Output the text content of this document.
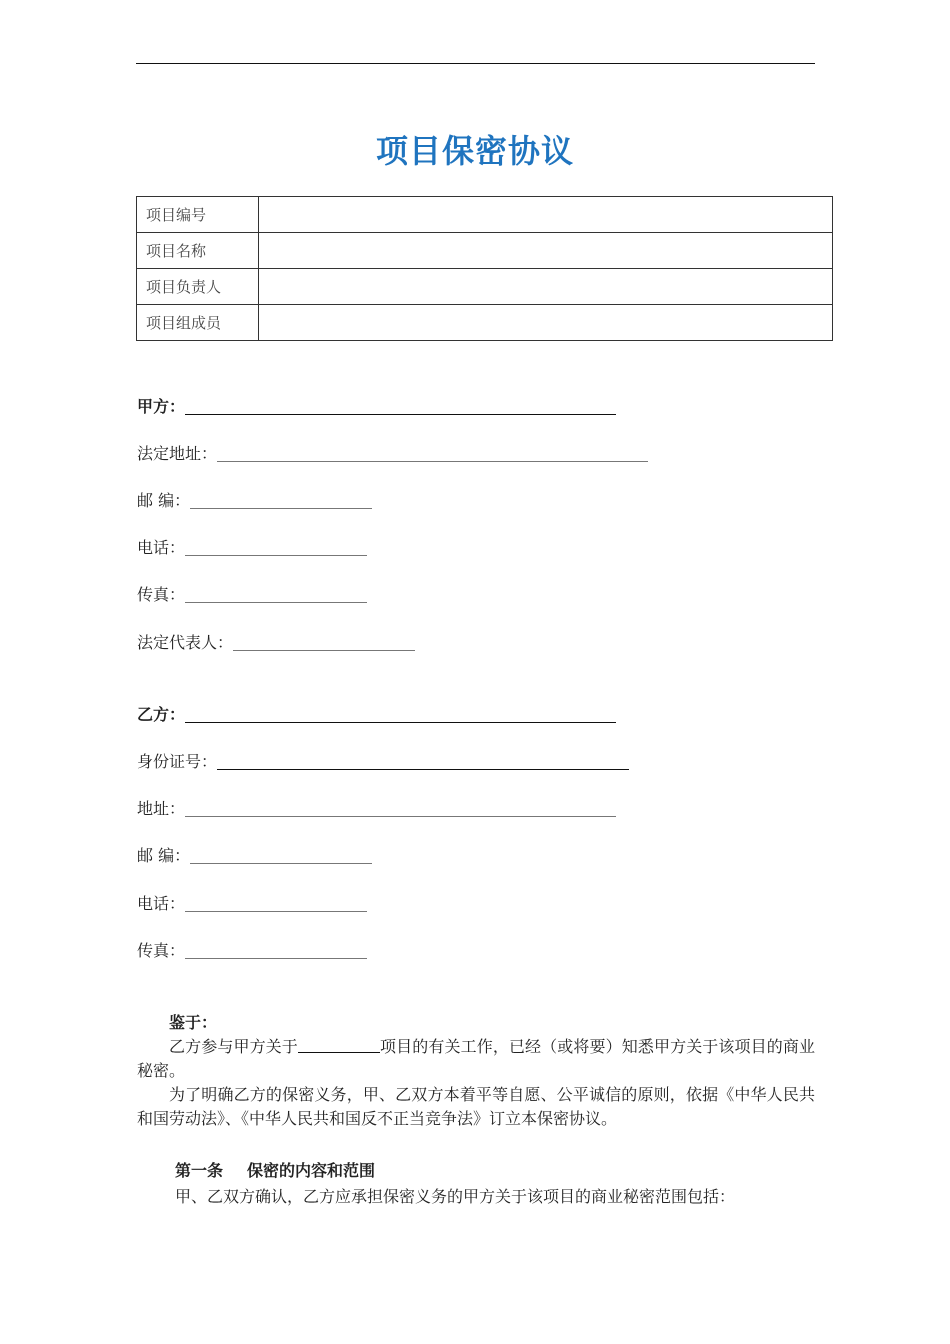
项目保密协议
项目编号	
项目名称	
项目负责人	
项目组成员	
甲方：
法定地址：
邮 编：
电话：
传真：
法定代表人：
乙方：
身份证号：
地址：
邮 编：
电话：
传真：
鉴于：
乙方参与甲方关于	项目的有关工作，已经（或将要）知悉甲方关于该项目的商业秘密。
为了明确乙方的保密义务，甲、乙双方本着平等自愿、公平诚信的原则，依据《中华人民共和国劳动法》、《中华人民共和国反不正当竞争法》订立本保密协议。
第一条 保密的内容和范围
甲、乙双方确认，乙方应承担保密义务的甲方关于该项目的商业秘密范围包括：
